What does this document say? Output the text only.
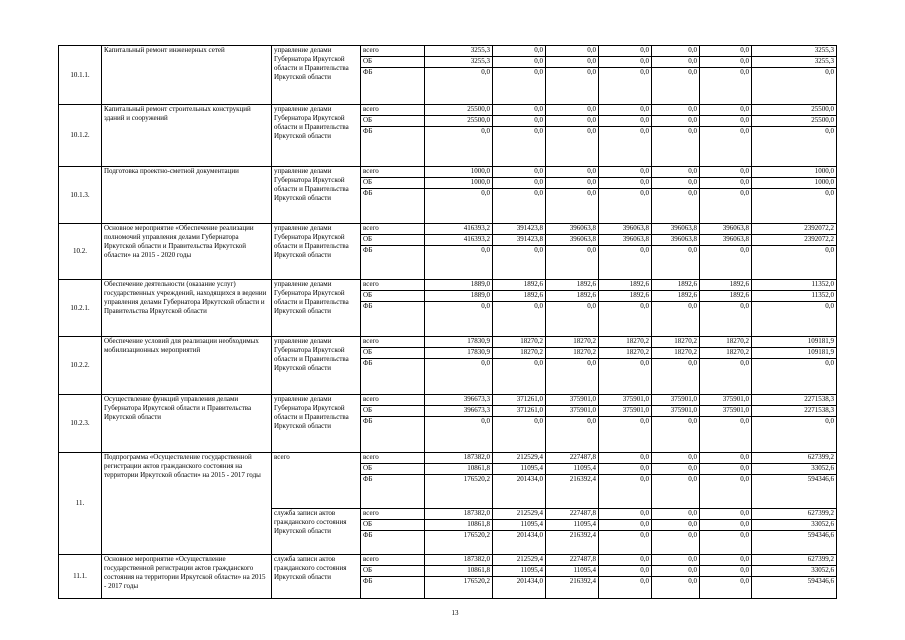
10.1.1.	Капитальный ремонт инженерных сетей	управление делами Губернатора Иркутской области и Правительства Иркутской области	всего	3255,3	0,0	0,0	0,0	0,0	0,0	3255,3
			ОБ	3255,3	0,0	0,0	0,0	0,0	0,0	3255,3
			ФБ	0,0	0,0	0,0	0,0	0,0	0,0	0,0
10.1.2.	Капитальный ремонт строительных конструкций зданий и сооружений	управление делами Губернатора Иркутской области и Правительства Иркутской области	всего	25500,0	0,0	0,0	0,0	0,0	0,0	25500,0
			ОБ	25500,0	0,0	0,0	0,0	0,0	0,0	25500,0
			ФБ	0,0	0,0	0,0	0,0	0,0	0,0	0,0
10.1.3.	Подготовка проектно-сметной документации	управление делами Губернатора Иркутской области и Правительства Иркутской области	всего	1000,0	0,0	0,0	0,0	0,0	0,0	1000,0
			ОБ	1000,0	0,0	0,0	0,0	0,0	0,0	1000,0
			ФБ	0,0	0,0	0,0	0,0	0,0	0,0	0,0
10.2.	Основное мероприятие «Обеспечение реализации полномочий управления делами Губернатора Иркутской области и Правительства Иркутской области» на 2015 - 2020 годы	управление делами Губернатора Иркутской области и Правительства Иркутской области	всего	416393,2	391423,8	396063,8	396063,8	396063,8	396063,8	2392072,2
			ОБ	416393,2	391423,8	396063,8	396063,8	396063,8	396063,8	2392072,2
			ФБ	0,0	0,0	0,0	0,0	0,0	0,0	0,0
10.2.1.	Обеспечение деятельности (оказание услуг) государственных учреждений, находящихся в ведении управления делами Губернатора Иркутской области и Правительства Иркутской области	управление делами Губернатора Иркутской области и Правительства Иркутской области	всего	1889,0	1892,6	1892,6	1892,6	1892,6	1892,6	11352,0
			ОБ	1889,0	1892,6	1892,6	1892,6	1892,6	1892,6	11352,0
			ФБ	0,0	0,0	0,0	0,0	0,0	0,0	0,0
10.2.2.	Обеспечение условий для реализации необходимых мобилизационных мероприятий	управление делами Губернатора Иркутской области и Правительства Иркутской области	всего	17830,9	18270,2	18270,2	18270,2	18270,2	18270,2	109181,9
			ОБ	17830,9	18270,2	18270,2	18270,2	18270,2	18270,2	109181,9
			ФБ	0,0	0,0	0,0	0,0	0,0	0,0	0,0
10.2.3.	Осуществление функций управления делами Губернатора Иркутской области и Правительства Иркутской области	управление делами Губернатора Иркутской области и Правительства Иркутской области	всего	396673,3	371261,0	375901,0	375901,0	375901,0	375901,0	2271538,3
			ОБ	396673,3	371261,0	375901,0	375901,0	375901,0	375901,0	2271538,3
			ФБ	0,0	0,0	0,0	0,0	0,0	0,0	0,0
11.	Подпрограмма «Осуществление государственной регистрации актов гражданского состояния на территории Иркутской области» на 2015 - 2017 годы	всего	всего	187382,0	212529,4	227487,8	0,0	0,0	0,0	627399,2
			ОБ	10861,8	11095,4	11095,4	0,0	0,0	0,0	33052,6
			ФБ	176520,2	201434,0	216392,4	0,0	0,0	0,0	594346,6
		служба записи актов гражданского состояния Иркутской области	всего	187382,0	212529,4	227487,8	0,0	0,0	0,0	627399,2
			ОБ	10861,8	11095,4	11095,4	0,0	0,0	0,0	33052,6
			ФБ	176520,2	201434,0	216392,4	0,0	0,0	0,0	594346,6
11.1.	Основное мероприятие «Осуществление государственной регистрации актов гражданского состояния на территории Иркутской области» на 2015 - 2017 годы	служба записи актов гражданского состояния Иркутской области	всего	187382,0	212529,4	227487,8	0,0	0,0	0,0	627399,2
			ОБ	10861,8	11095,4	11095,4	0,0	0,0	0,0	33052,6
			ФБ	176520,2	201434,0	216392,4	0,0	0,0	0,0	594346,6
13
